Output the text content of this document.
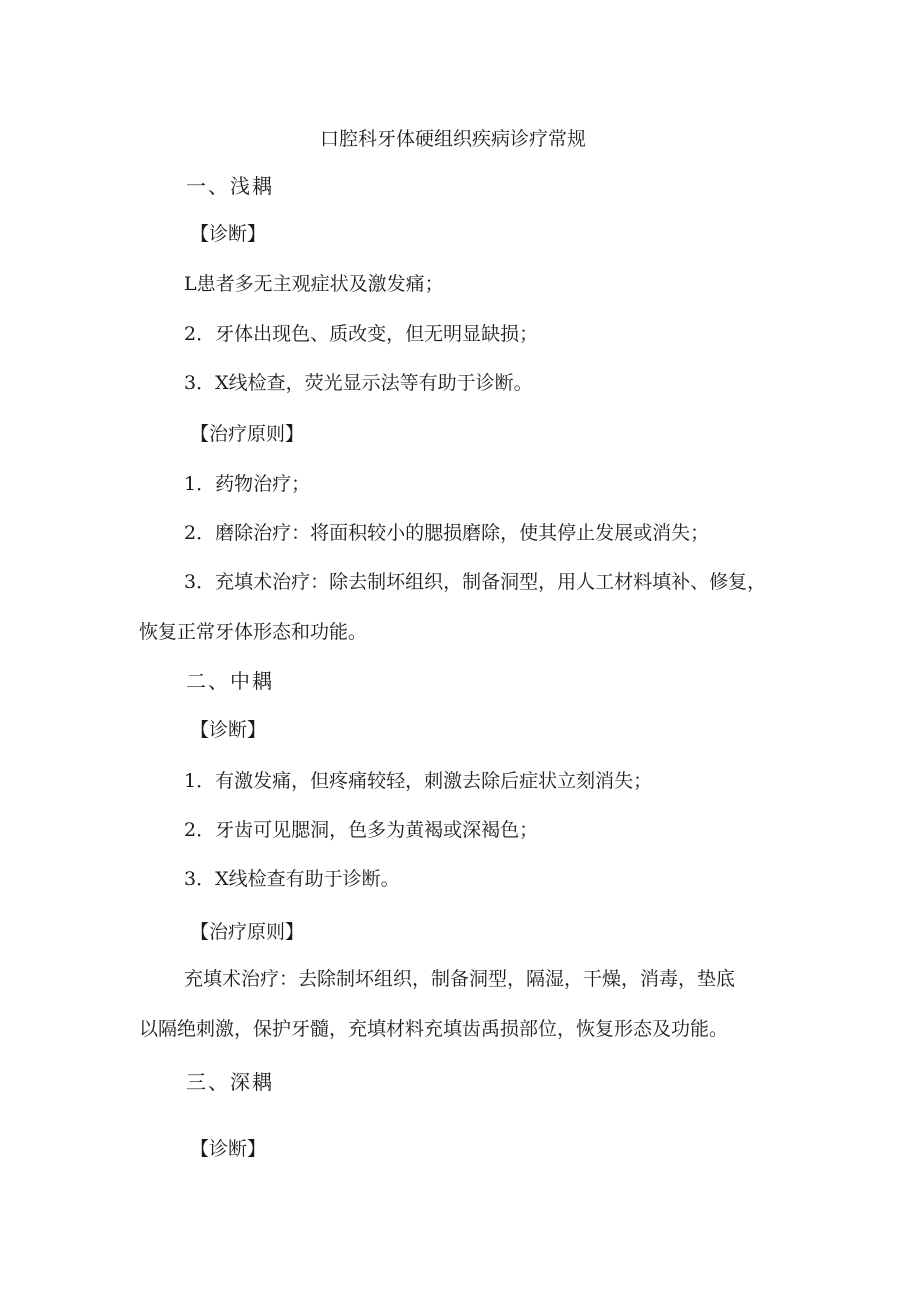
口腔科牙体硬组织疾病诊疗常规
一、浅耦
【诊断】
L患者多无主观症状及激发痛；
2．牙体出现色、质改变，但无明显缺损；
3．X线检查，荧光显示法等有助于诊断。
【治疗原则】
1．药物治疗；
2．磨除治疗：将面积较小的腮损磨除，使其停止发展或消失；
3．充填术治疗：除去制坏组织，制备洞型，用人工材料填补、修复，
恢复正常牙体形态和功能。
二、中耦
【诊断】
1．有激发痛，但疼痛较轻，刺激去除后症状立刻消失；
2．牙齿可见腮洞，色多为黄褐或深褐色；
3．X线检查有助于诊断。
【治疗原则】
充填术治疗：去除制坏组织，制备洞型，隔湿，干燥，消毒，垫底
以隔绝刺激，保护牙髓，充填材料充填齿禹损部位，恢复形态及功能。
三、深耦
【诊断】
